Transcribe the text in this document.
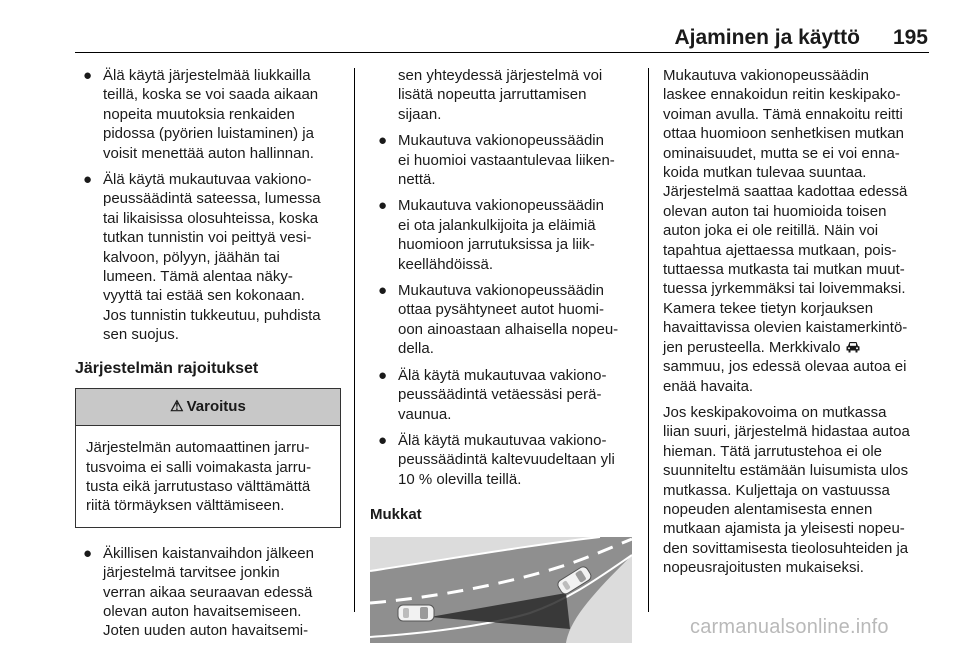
Ajaminen ja käyttö	195
● Älä käytä järjestelmää liukkailla
teillä, koska se voi saada aikaan
nopeita muutoksia renkaiden
pidossa (pyörien luistaminen) ja
voisit menettää auton hallinnan.
● Älä käytä mukautuvaa vakiono-
peussäädintä sateessa, lumessa
tai likaisissa olosuhteissa, koska
tutkan tunnistin voi peittyä vesi-
kalvoon, pölyyn, jäähän tai
lumeen. Tämä alentaa näky-
vyyttä tai estää sen kokonaan.
Jos tunnistin tukkeutuu, puhdista
sen suojus.
Järjestelmän rajoitukset
⚠ Varoitus
Järjestelmän automaattinen jarru-
tusvoima ei salli voimakasta jarru-
tusta eikä jarrutustaso välttämättä
riitä törmäyksen välttämiseen.
● Äkillisen kaistanvaihdon jälkeen
järjestelmä tarvitsee jonkin
verran aikaa seuraavan edessä
olevan auton havaitsemiseen.
Joten uuden auton havaitsemi-
sen yhteydessä järjestelmä voi
lisätä nopeutta jarruttamisen
sijaan.
● Mukautuva vakionopeussäädin
ei huomioi vastaantulevaa liiken-
nettä.
● Mukautuva vakionopeussäädin
ei ota jalankulkijoita ja eläimiä
huomioon jarrutuksissa ja liik-
keellähdöissä.
● Mukautuva vakionopeussäädin
ottaa pysähtyneet autot huomi-
oon ainoastaan alhaisella nopeu-
della.
● Älä käytä mukautuvaa vakiono-
peussäädintä vetäessäsi perä-
vaunua.
● Älä käytä mukautuvaa vakiono-
peussäädintä kaltevuudeltaan yli
10 % olevilla teillä.
Mukkat
Mukautuva vakionopeussäädin
laskee ennakoidun reitin keskipako-
voiman avulla. Tämä ennakoitu reitti
ottaa huomioon senhetkisen mutkan
ominaisuudet, mutta se ei voi enna-
koida mutkan tulevaa suuntaa.
Järjestelmä saattaa kadottaa edessä
olevan auton tai huomioida toisen
auton joka ei ole reitillä. Näin voi
tapahtua ajettaessa mutkaan, pois-
tuttaessa mutkasta tai mutkan muut-
tuessa jyrkemmäksi tai loivemmaksi.
Kamera tekee tietyn korjauksen
havaittavissa olevien kaistamerkintö-
jen perusteella. Merkkivalo
sammuu, jos edessä olevaa autoa ei
enää havaita.
Jos keskipakovoima on mutkassa
liian suuri, järjestelmä hidastaa autoa
hieman. Tätä jarrutustehoa ei ole
suunniteltu estämään luisumista ulos
mutkassa. Kuljettaja on vastuussa
nopeuden alentamisesta ennen
mutkaan ajamista ja yleisesti nopeu-
den sovittamisesta tieolosuhteiden ja
nopeusrajoitusten mukaiseksi.
carmanualsonline.info
